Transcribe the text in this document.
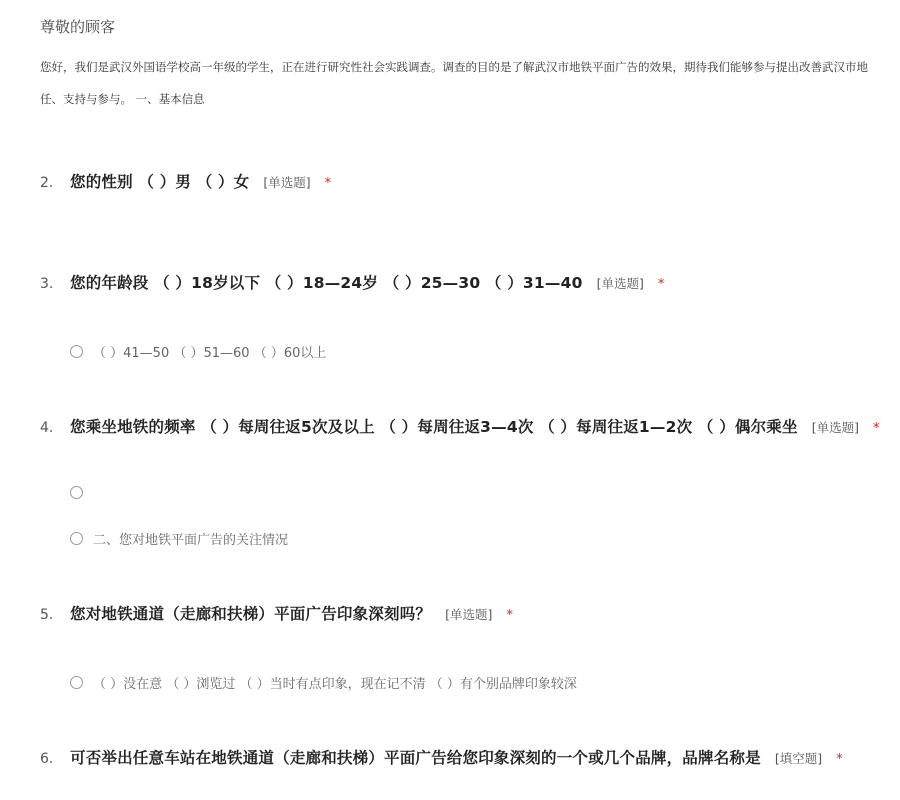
尊敬的顾客
您好，我们是武汉外国语学校高一年级的学生，正在进行研究性社会实践调查。调查的目的是了解武汉市地铁平面广告的效果，期待我们能够参与提出改善武汉市地
任、支持与参与。 一、基本信息
2.	您的性别 （ ）男 （ ）女 [单选题] *
3.	您的年龄段 （ ）18岁以下 （ ）18—24岁 （ ）25—30 （ ）31—40 [单选题] *
（ ）41—50 （ ）51—60 （ ）60以上
4.	您乘坐地铁的频率 （ ）每周往返5次及以上 （ ）每周往返3—4次 （ ）每周往返1—2次 （ ）偶尔乘坐 [单选题] *
二、您对地铁平面广告的关注情况
5.	您对地铁通道（走廊和扶梯）平面广告印象深刻吗？ [单选题] *
（ ）没在意 （ ）浏览过 （ ）当时有点印象，现在记不清 （ ）有个别品牌印象较深
6.	可否举出任意车站在地铁通道（走廊和扶梯）平面广告给您印象深刻的一个或几个品牌，品牌名称是 [填空题] *
